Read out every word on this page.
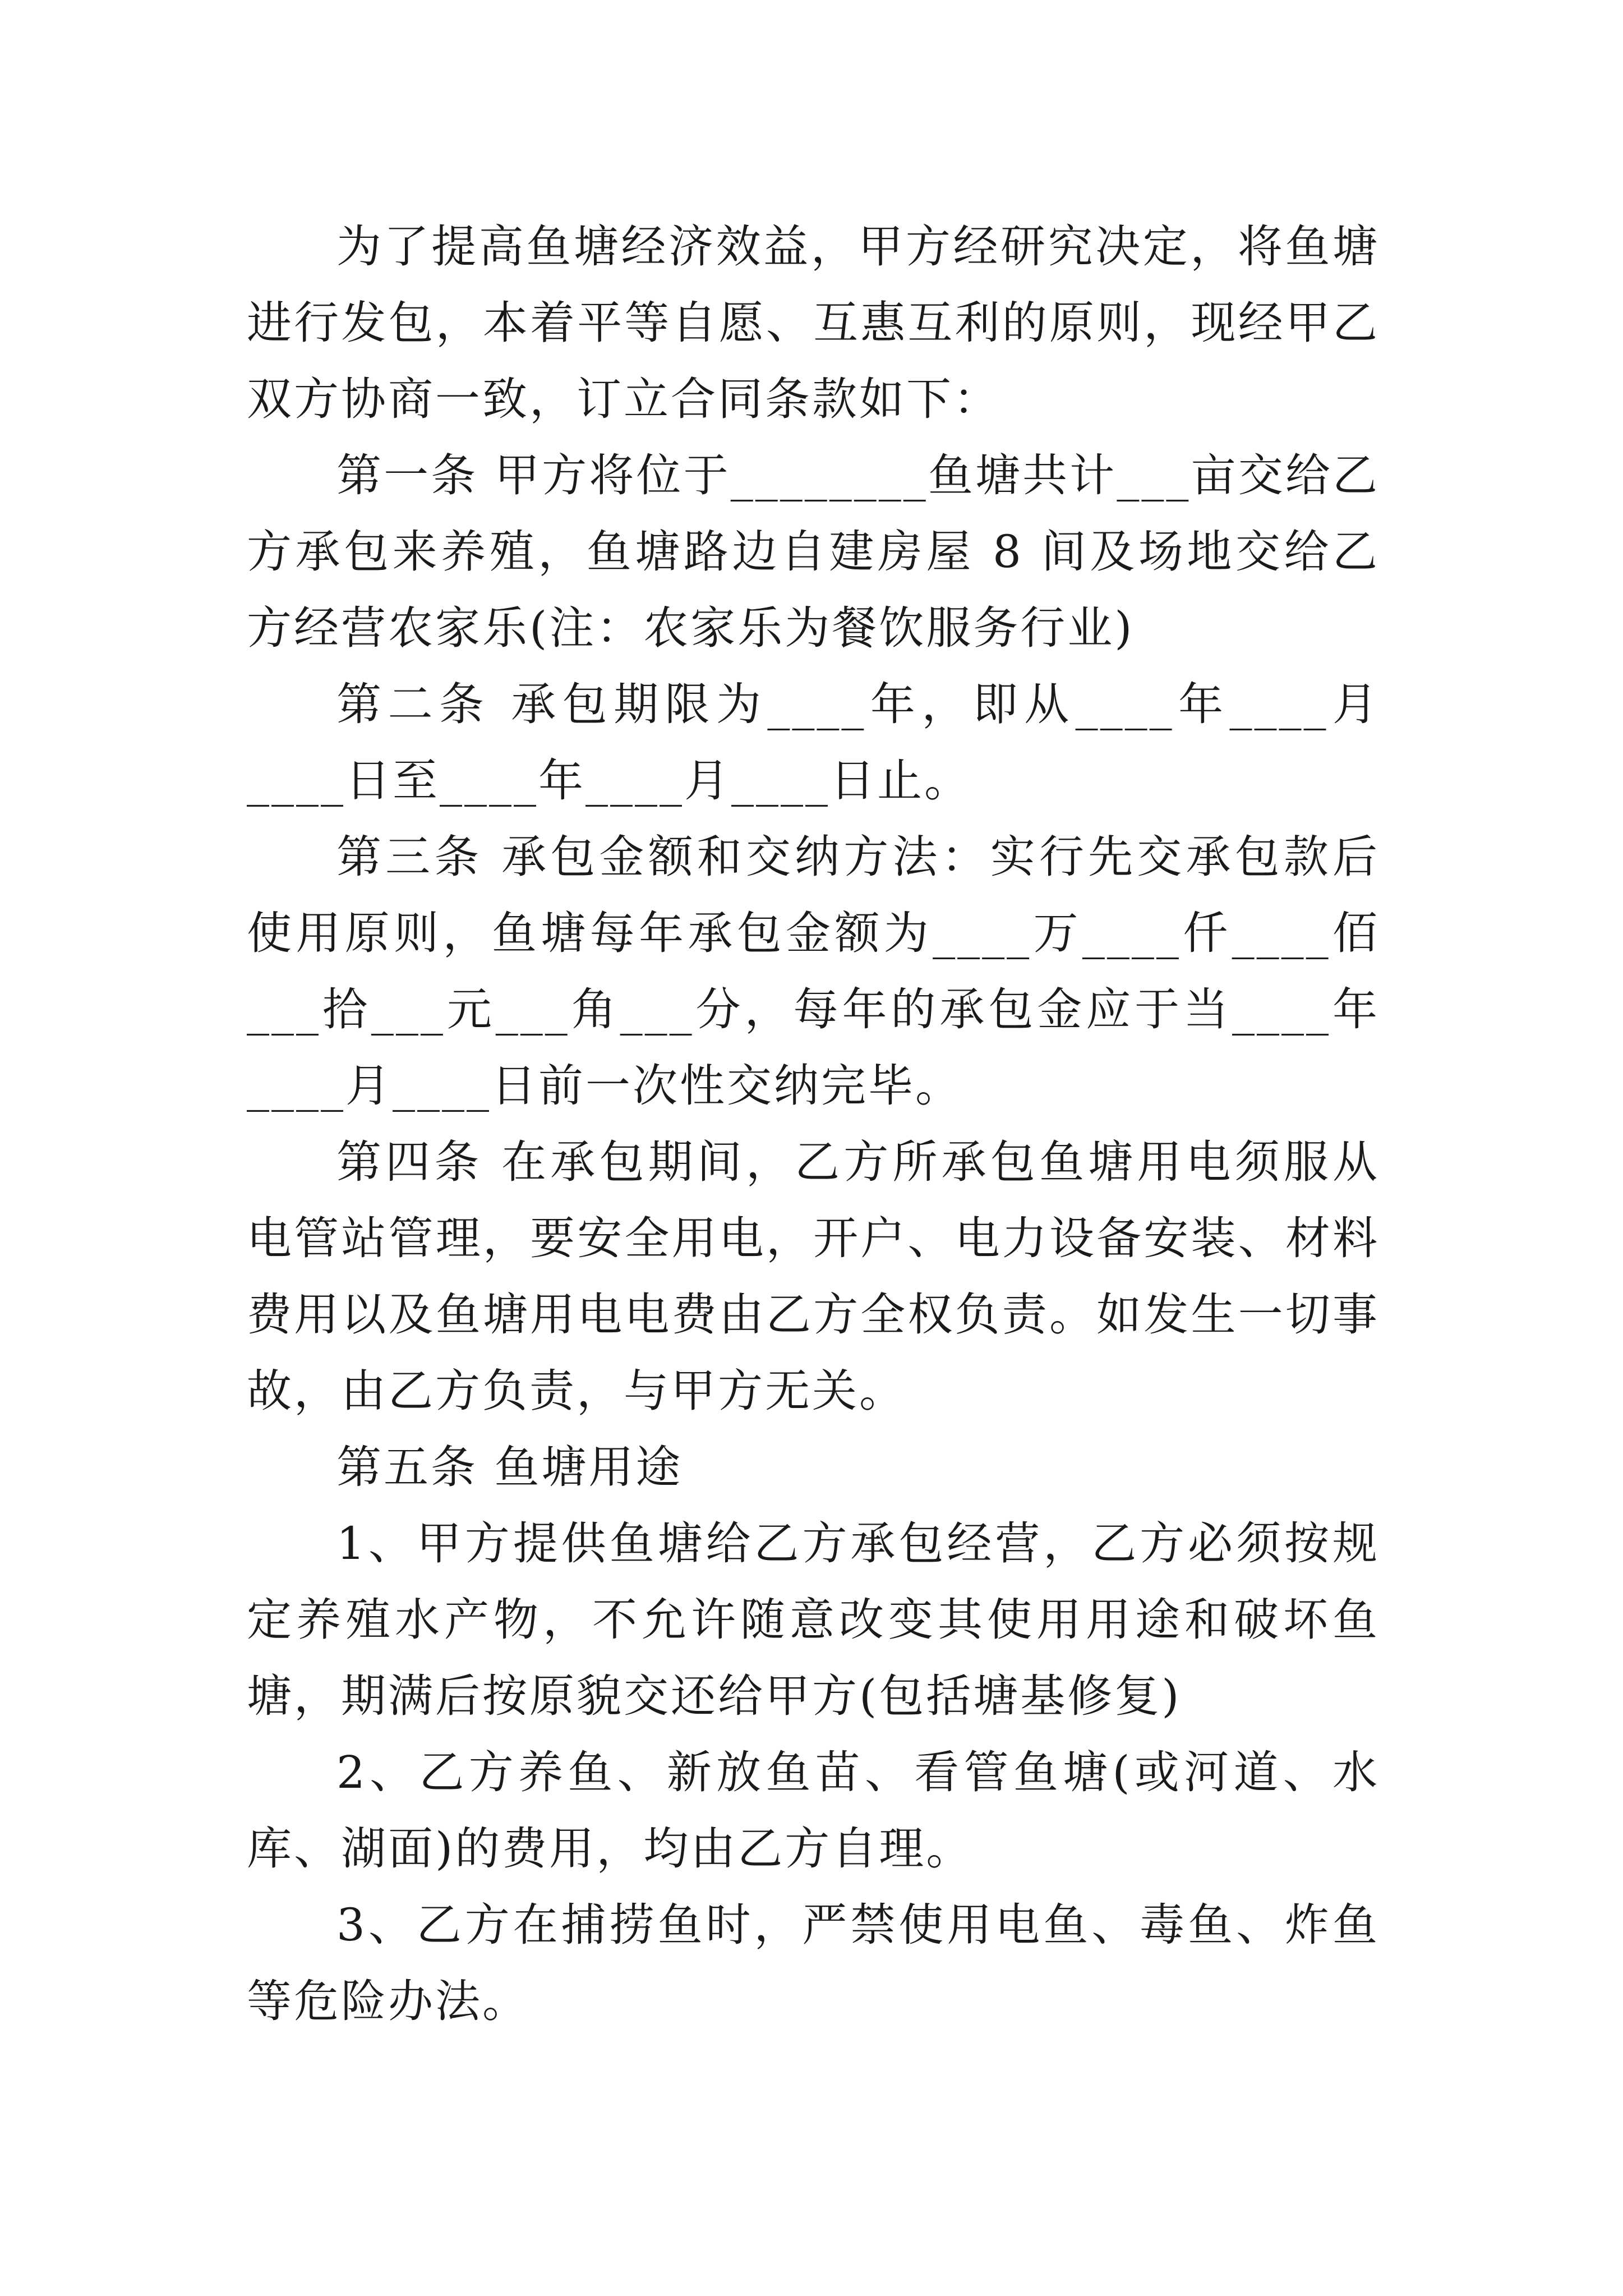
为了提高鱼塘经济效益，甲方经研究决定，将鱼塘进行发包，本着平等自愿、互惠互利的原则，现经甲乙双方协商一致，订立合同条款如下：

第一条 甲方将位于________鱼塘共计___亩交给乙方承包来养殖，鱼塘路边自建房屋 8 间及场地交给乙方经营农家乐(注：农家乐为餐饮服务行业)

第二条 承包期限为____年，即从____年____月____日至____年____月____日止。

第三条 承包金额和交纳方法：实行先交承包款后使用原则，鱼塘每年承包金额为____万____仟____佰___拾___元___角___分，每年的承包金应于当____年____月____日前一次性交纳完毕。

第四条 在承包期间，乙方所承包鱼塘用电须服从电管站管理，要安全用电，开户、电力设备安装、材料费用以及鱼塘用电电费由乙方全权负责。如发生一切事故，由乙方负责，与甲方无关。

第五条 鱼塘用途

1、甲方提供鱼塘给乙方承包经营，乙方必须按规定养殖水产物，不允许随意改变其使用用途和破坏鱼塘，期满后按原貌交还给甲方(包括塘基修复)

2、乙方养鱼、新放鱼苗、看管鱼塘(或河道、水库、湖面)的费用，均由乙方自理。

3、乙方在捕捞鱼时，严禁使用电鱼、毒鱼、炸鱼等危险办法。
